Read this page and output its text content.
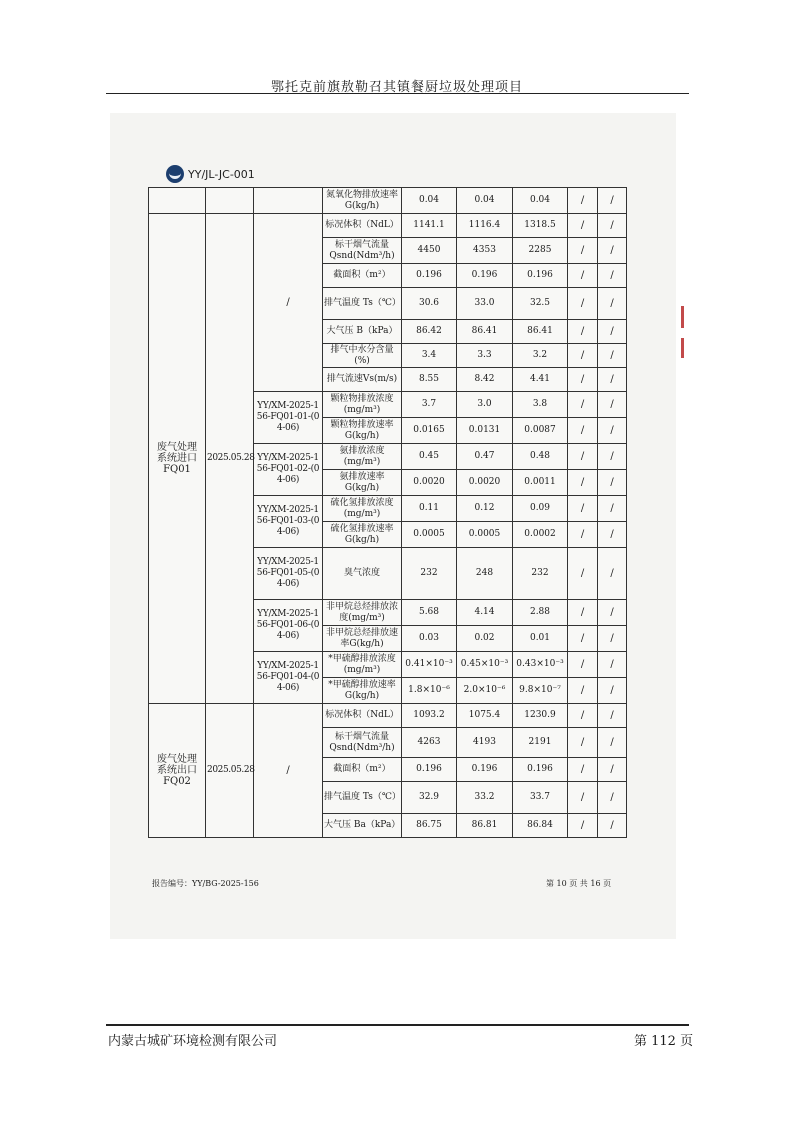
鄂托克前旗敖勒召其镇餐厨垃圾处理项目
YY/JL-JC-001
			氮氧化物排放速率G(kg/h)	0.04	0.04	0.04	/	/
废气处理系统进口FQ01	2025.05.28	/	标况体积（NdL）	1141.1	1116.4	1318.5	/	/
			标干烟气流量Qsnd(Ndm³/h)	4450	4353	2285	/	/
			截面积（m²）	0.196	0.196	0.196	/	/
			排气温度 Ts（℃）	30.6	33.0	32.5	/	/
			大气压 B（kPa）	86.42	86.41	86.41	/	/
			排气中水分含量(%)	3.4	3.3	3.2	/	/
			排气流速Vs(m/s)	8.55	8.42	4.41	/	/
		YY/XM-2025-156-FQ01-01-(04-06)	颗粒物排放浓度(mg/m³)	3.7	3.0	3.8	/	/
			颗粒物排放速率G(kg/h)	0.0165	0.0131	0.0087	/	/
		YY/XM-2025-156-FQ01-02-(04-06)	氨排放浓度(mg/m³)	0.45	0.47	0.48	/	/
			氨排放速率G(kg/h)	0.0020	0.0020	0.0011	/	/
		YY/XM-2025-156-FQ01-03-(04-06)	硫化氢排放浓度(mg/m³)	0.11	0.12	0.09	/	/
			硫化氢排放速率G(kg/h)	0.0005	0.0005	0.0002	/	/
		YY/XM-2025-156-FQ01-05-(04-06)	臭气浓度	232	248	232	/	/
		YY/XM-2025-156-FQ01-06-(04-06)	非甲烷总烃排放浓度(mg/m³)	5.68	4.14	2.88	/	/
			非甲烷总烃排放速率G(kg/h)	0.03	0.02	0.01	/	/
		YY/XM-2025-156-FQ01-04-(04-06)	*甲硫醇排放浓度(mg/m³)	0.41×10⁻³	0.45×10⁻³	0.43×10⁻³	/	/
			*甲硫醇排放速率G(kg/h)	1.8×10⁻⁶	2.0×10⁻⁶	9.8×10⁻⁷	/	/
废气处理系统出口FQ02	2025.05.28	/	标况体积（NdL）	1093.2	1075.4	1230.9	/	/
			标干烟气流量Qsnd(Ndm³/h)	4263	4193	2191	/	/
			截面积（m²）	0.196	0.196	0.196	/	/
			排气温度 Ts（℃）	32.9	33.2	33.7	/	/
			大气压 Ba（kPa）	86.75	86.81	86.84	/	/
报告编号：YY/BG-2025-156	第 10 页 共 16 页
内蒙古城矿环境检测有限公司	第 112 页
